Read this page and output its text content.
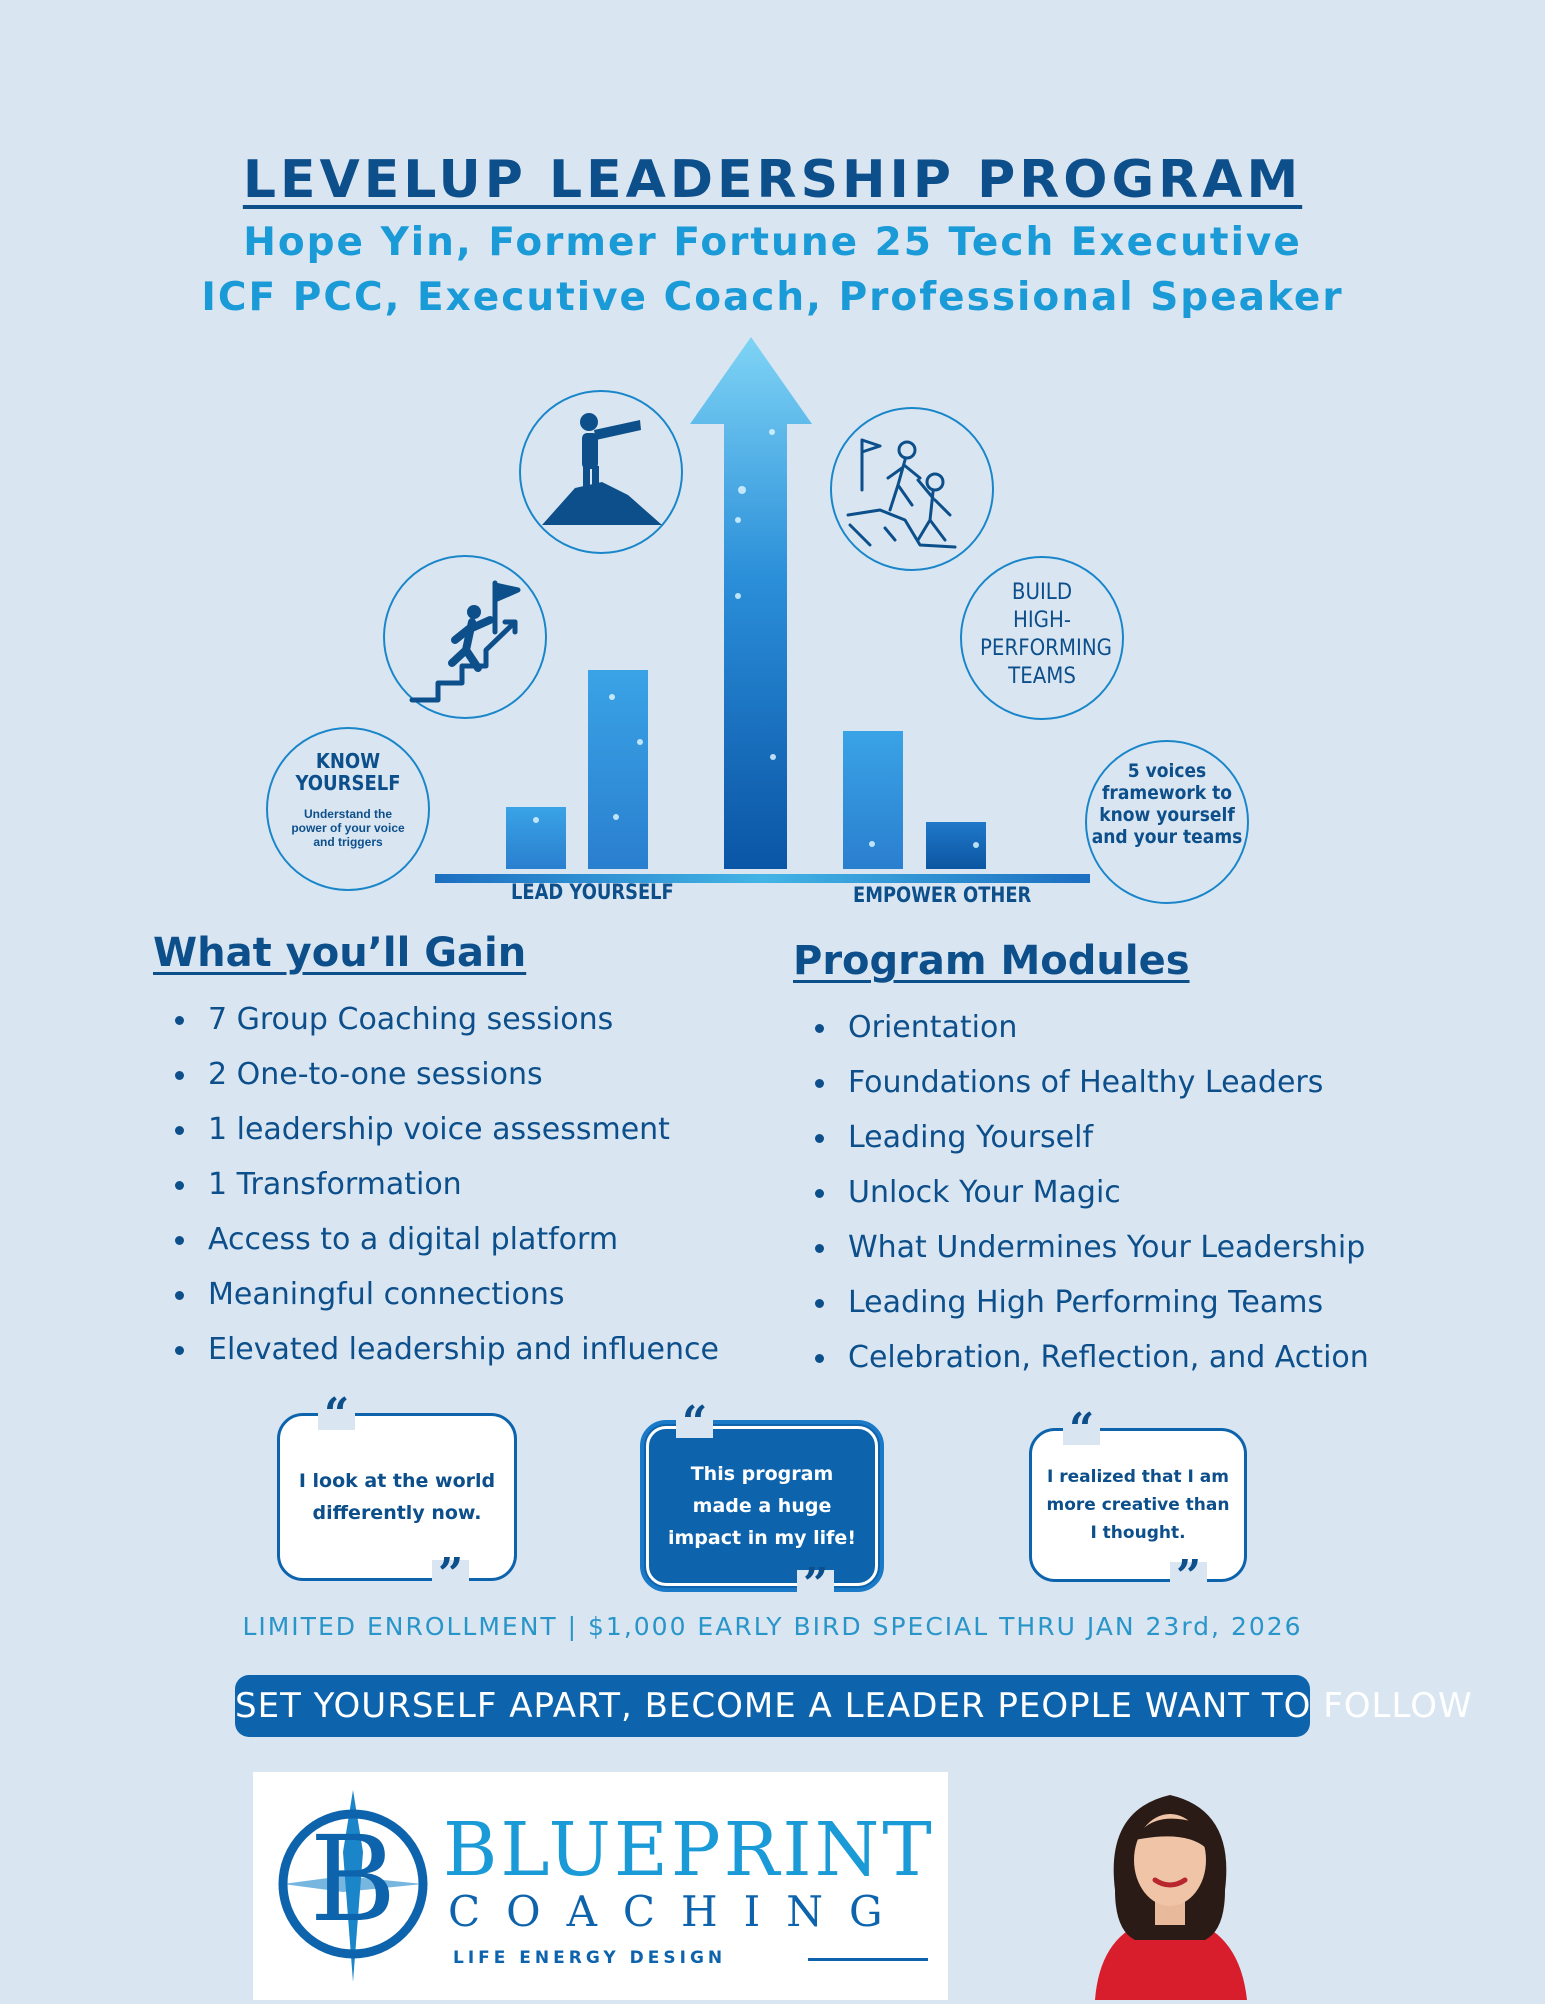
LEVELUP LEADERSHIP PROGRAM
Hope Yin, Former Fortune 25 Tech Executive
ICF PCC, Executive Coach, Professional Speaker
KNOW YOURSELF
Understand the power of your voice and triggers
BUILD HIGH-PERFORMING TEAMS
5 voices framework to know yourself and your teams
LEAD YOURSELF	EMPOWER OTHER
What you’ll Gain
7 Group Coaching sessions
2 One-to-one sessions
1 leadership voice assessment
1 Transformation
Access to a digital platform
Meaningful connections
Elevated leadership and influence
Program Modules
Orientation
Foundations of Healthy Leaders
Leading Yourself
Unlock Your Magic
What Undermines Your Leadership
Leading High Performing Teams
Celebration, Reflection, and Action
I look at the world differently now.
“
”
This program made a huge impact in my life!
“
”
I realized that I am more creative than I thought.
“
”
LIMITED ENROLLMENT | $1,000 EARLY BIRD SPECIAL THRU JAN 23rd, 2026
SET YOURSELF APART, BECOME A LEADER PEOPLE WANT TO FOLLOW
B BLUEPRINT
COACHING
LIFE ENERGY DESIGN
